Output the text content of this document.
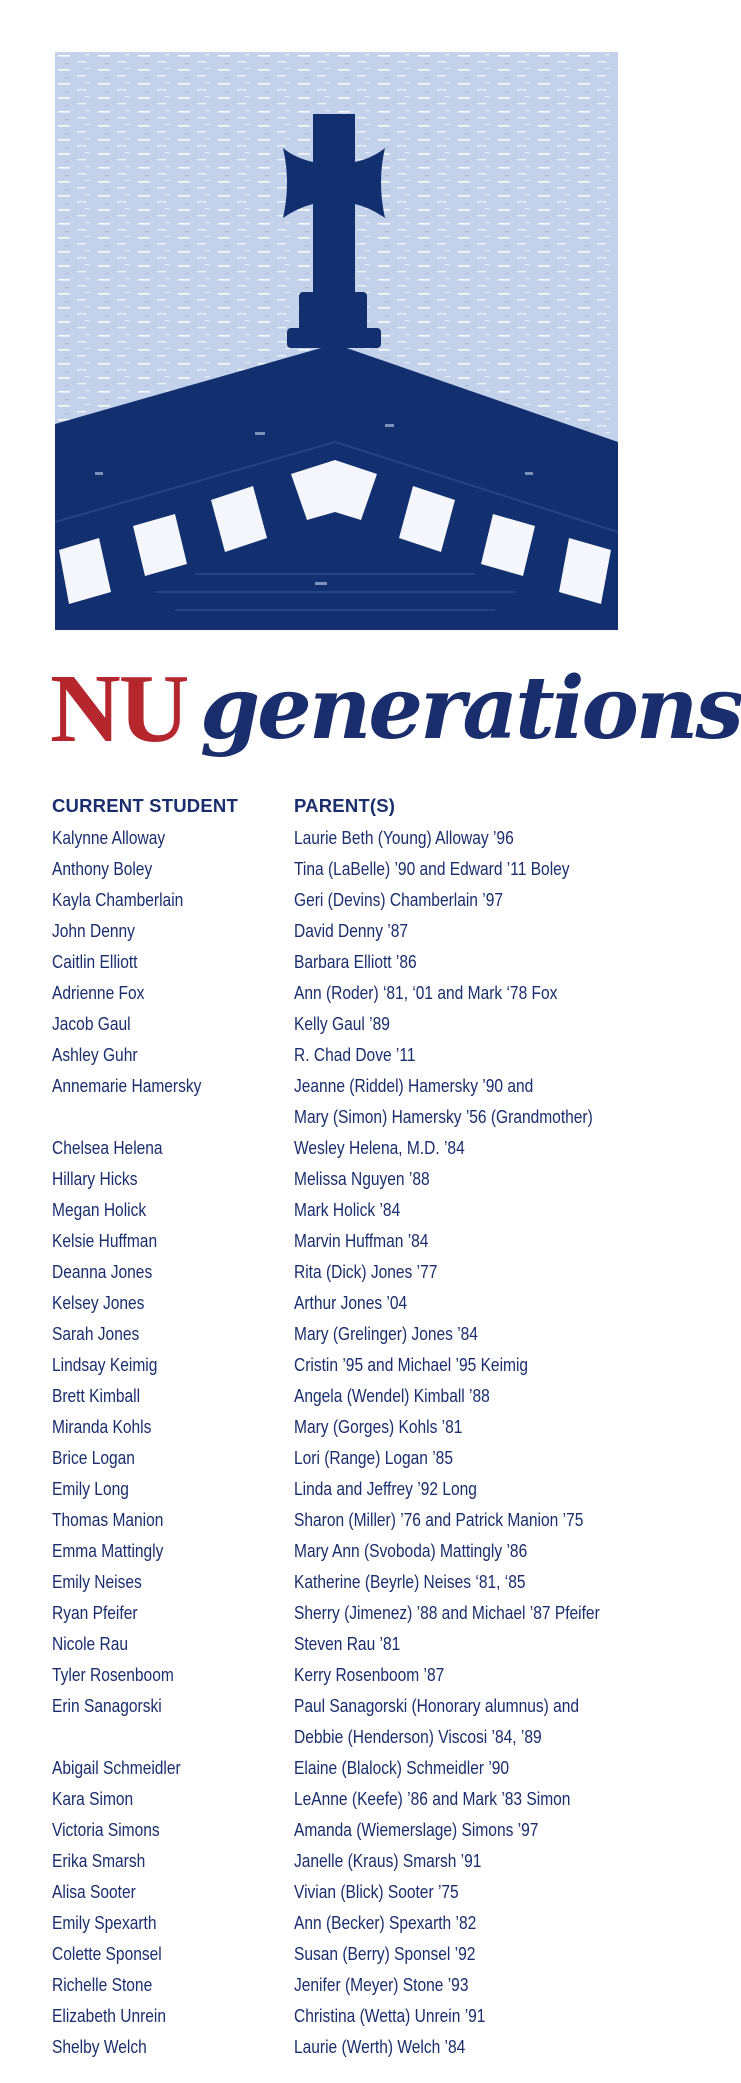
NU generations
CURRENT STUDENT	PARENT(S)
Kalynne Alloway	Laurie Beth (Young) Alloway ’96
Anthony Boley	Tina (LaBelle) ’90 and Edward ’11 Boley
Kayla Chamberlain	Geri (Devins) Chamberlain ’97
John Denny	David Denny ’87
Caitlin Elliott	Barbara Elliott ’86
Adrienne Fox	Ann (Roder) ‘81, ‘01 and Mark ‘78 Fox
Jacob Gaul	Kelly Gaul ’89
Ashley Guhr	R. Chad Dove ’11
Annemarie Hamersky	Jeanne (Riddel) Hamersky ’90 and
Mary (Simon) Hamersky ’56 (Grandmother)
Chelsea Helena	Wesley Helena, M.D. ’84
Hillary Hicks	Melissa Nguyen ’88
Megan Holick	Mark Holick ’84
Kelsie Huffman	Marvin Huffman ’84
Deanna Jones	Rita (Dick) Jones ’77
Kelsey Jones	Arthur Jones ’04
Sarah Jones	Mary (Grelinger) Jones ’84
Lindsay Keimig	Cristin ’95 and Michael ’95 Keimig
Brett Kimball	Angela (Wendel) Kimball ’88
Miranda Kohls	Mary (Gorges) Kohls ’81
Brice Logan	Lori (Range) Logan ’85
Emily Long	Linda and Jeffrey ’92 Long
Thomas Manion	Sharon (Miller) ’76 and Patrick Manion ’75
Emma Mattingly	Mary Ann (Svoboda) Mattingly ’86
Emily Neises	Katherine (Beyrle) Neises ‘81, ‘85
Ryan Pfeifer	Sherry (Jimenez) ’88 and Michael ’87 Pfeifer
Nicole Rau	Steven Rau ’81
Tyler Rosenboom	Kerry Rosenboom ’87
Erin Sanagorski	Paul Sanagorski (Honorary alumnus) and
Debbie (Henderson) Viscosi ’84, ’89
Abigail Schmeidler	Elaine (Blalock) Schmeidler ’90
Kara Simon	LeAnne (Keefe) ’86 and Mark ’83 Simon
Victoria Simons	Amanda (Wiemerslage) Simons ’97
Erika Smarsh	Janelle (Kraus) Smarsh ’91
Alisa Sooter	Vivian (Blick) Sooter ’75
Emily Spexarth	Ann (Becker) Spexarth ’82
Colette Sponsel	Susan (Berry) Sponsel ’92
Richelle Stone	Jenifer (Meyer) Stone ’93
Elizabeth Unrein	Christina (Wetta) Unrein ’91
Shelby Welch	Laurie (Werth) Welch ’84
